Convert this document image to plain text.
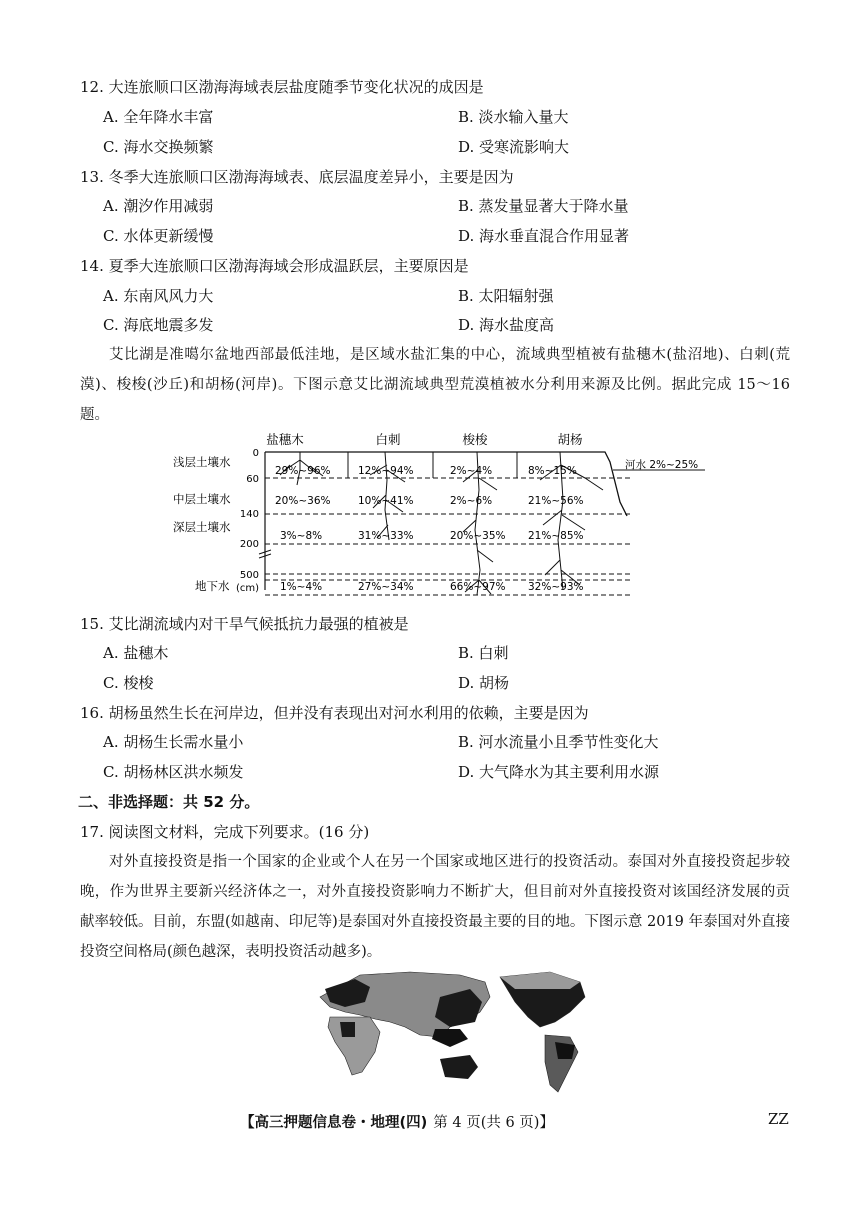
12. 大连旅顺口区渤海海域表层盐度随季节变化状况的成因是
A. 全年降水丰富	B. 淡水输入量大
C. 海水交换频繁	D. 受寒流影响大
13. 冬季大连旅顺口区渤海海域表、底层温度差异小，主要是因为
A. 潮汐作用减弱	B. 蒸发量显著大于降水量
C. 水体更新缓慢	D. 海水垂直混合作用显著
14. 夏季大连旅顺口区渤海海域会形成温跃层，主要原因是
A. 东南风风力大	B. 太阳辐射强
C. 海底地震多发	D. 海水盐度高

艾比湖是准噶尔盆地西部最低洼地，是区域水盐汇集的中心，流域典型植被有盐穗木(盐沼地)、白刺(荒漠)、梭梭(沙丘)和胡杨(河岸)。下图示意艾比湖流域典型荒漠植被水分利用来源及比例。据此完成 15～16 题。

盐穗木	白刺	梭梭	胡杨
0
60
140
200
500
(cm)
浅层土壤水
中层土壤水
深层土壤水
地下水
29%~96%	12%~94%	2%~4%	8%~15%	河水 2%~25%
20%~36%	10%~41%	2%~6%	21%~56%
3%~8%	31%~33%	20%~35% 21%~85%
1%~4%	27%~34%	66%~97% 32%~93%
15. 艾比湖流域内对干旱气候抵抗力最强的植被是
A. 盐穗木	B. 白刺
C. 梭梭	D. 胡杨
16. 胡杨虽然生长在河岸边，但并没有表现出对河水利用的依赖，主要是因为
A. 胡杨生长需水量小	B. 河水流量小且季节性变化大
C. 胡杨林区洪水频发	D. 大气降水为其主要利用水源
二、非选择题：共 52 分。
17. 阅读图文材料，完成下列要求。(16 分)

对外直接投资是指一个国家的企业或个人在另一个国家或地区进行的投资活动。泰国对外直接投资起步较晚，作为世界主要新兴经济体之一，对外直接投资影响力不断扩大，但目前对外直接投资对该国经济发展的贡献率较低。目前，东盟(如越南、印尼等)是泰国对外直接投资最主要的目的地。下图示意 2019 年泰国对外直接投资空间格局(颜色越深，表明投资活动越多)。

【高三押题信息卷・地理(四) 第 4 页(共 6 页)】	ZZ
